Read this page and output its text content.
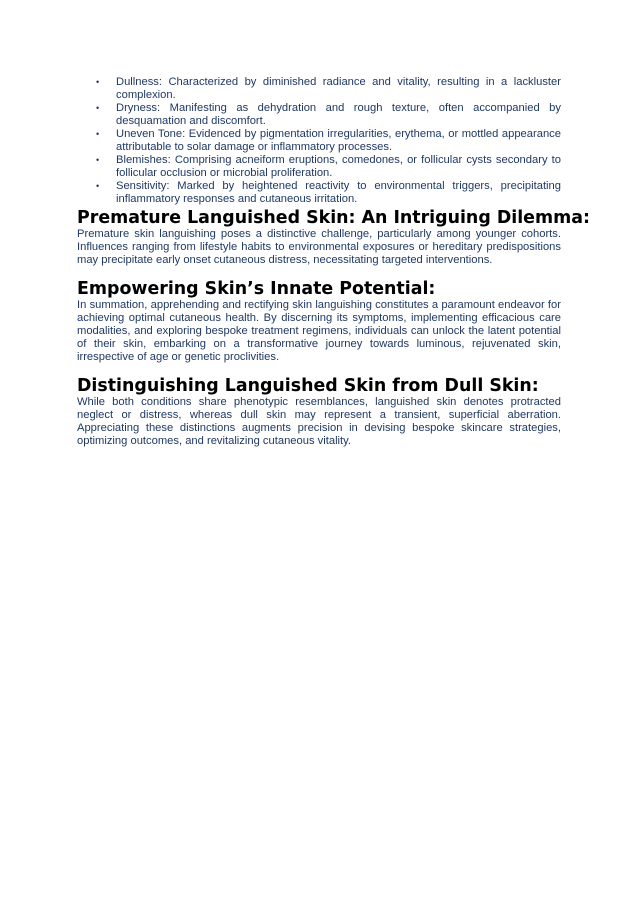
• Dullness: Characterized by diminished radiance and vitality, resulting in a lackluster complexion.
• Dryness: Manifesting as dehydration and rough texture, often accompanied by desquamation and discomfort.
• Uneven Tone: Evidenced by pigmentation irregularities, erythema, or mottled appearance attributable to solar damage or inflammatory processes.
• Blemishes: Comprising acneiform eruptions, comedones, or follicular cysts secondary to follicular occlusion or microbial proliferation.
• Sensitivity: Marked by heightened reactivity to environmental triggers, precipitating inflammatory responses and cutaneous irritation.
Premature Languished Skin: An Intriguing Dilemma:

Premature skin languishing poses a distinctive challenge, particularly among younger cohorts. Influences ranging from lifestyle habits to environmental exposures or hereditary predispositions may precipitate early onset cutaneous distress, necessitating targeted interventions.

Empowering Skin’s Innate Potential:

In summation, apprehending and rectifying skin languishing constitutes a paramount endeavor for achieving optimal cutaneous health. By discerning its symptoms, implementing efficacious care modalities, and exploring bespoke treatment regimens, individuals can unlock the latent potential of their skin, embarking on a transformative journey towards luminous, rejuvenated skin, irrespective of age or genetic proclivities.

Distinguishing Languished Skin from Dull Skin:

While both conditions share phenotypic resemblances, languished skin denotes protracted neglect or distress, whereas dull skin may represent a transient, superficial aberration. Appreciating these distinctions augments precision in devising bespoke skincare strategies, optimizing outcomes, and revitalizing cutaneous vitality.
